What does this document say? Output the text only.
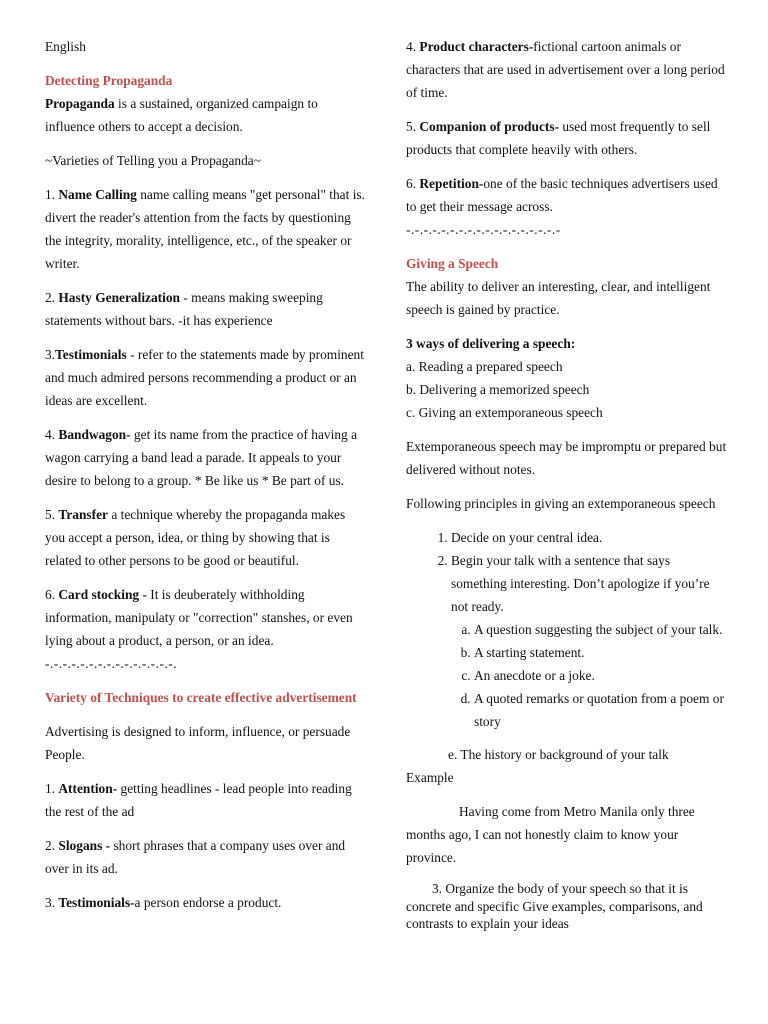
English

Detecting Propaganda

Propaganda is a sustained, organized campaign to influence others to accept a decision.

~Varieties of Telling you a Propaganda~

1. Name Calling name calling means "get personal" that is. divert the reader's attention from the facts by questioning the integrity, morality, intelligence, etc., of the speaker or writer.

2. Hasty Generalization - means making sweeping statements without bars. -it has experience

3.Testimonials - refer to the statements made by prominent and much admired persons recommending a product or an ideas are excellent.

4. Bandwagon- get its name from the practice of having a wagon carrying a band lead a parade. It appeals to your desire to belong to a group. * Be like us * Be part of us.

5. Transfer a technique whereby the propaganda makes you accept a person, idea, or thing by showing that is related to other persons to be good or beautiful.

6. Card stocking - It is deuberately withholding information, manipulaty or "correction" stanshes, or even lying about a product, a person, or an idea.

-.-.-.-.-.-.-.-.-.-.-.-.-.-.-.

Variety of Techniques to create effective advertisement

Advertising is designed to inform, influence, or persuade People.

1. Attention- getting headlines - lead people into reading the rest of the ad

2. Slogans - short phrases that a company uses over and over in its ad.

3. Testimonials-a person endorse a product.

4. Product characters-fictional cartoon animals or characters that are used in advertisement over a long period of time.

5. Companion of products- used most frequently to sell products that complete heavily with others.

6. Repetition-one of the basic techniques advertisers used to get their message across.

-.-.-.-.-.-.-.-.-.-.-.-.-.-.-.-.-.-

Giving a Speech

The ability to deliver an interesting, clear, and intelligent speech is gained by practice.

3 ways of delivering a speech:
a. Reading a prepared speech
b. Delivering a memorized speech

c. Giving an extemporaneous speech

Extemporaneous speech may be impromptu or prepared but delivered without notes.

Following principles in giving an extemporaneous speech

1. Decide on your central idea.
2. Begin your talk with a sentence that says something interesting. Don’t apologize if you’re not ready.
a. A question suggesting the subject of your talk.
b. A starting statement.
c. An anecdote or a joke.
d. A quoted remarks or quotation from a poem or story

e. The history or background of your talk

Example

Having come from Metro Manila only three months ago, I can not honestly claim to know your province.

3. Organize the body of your speech so that it is concrete and specific Give examples, comparisons, and contrasts to explain your ideas
